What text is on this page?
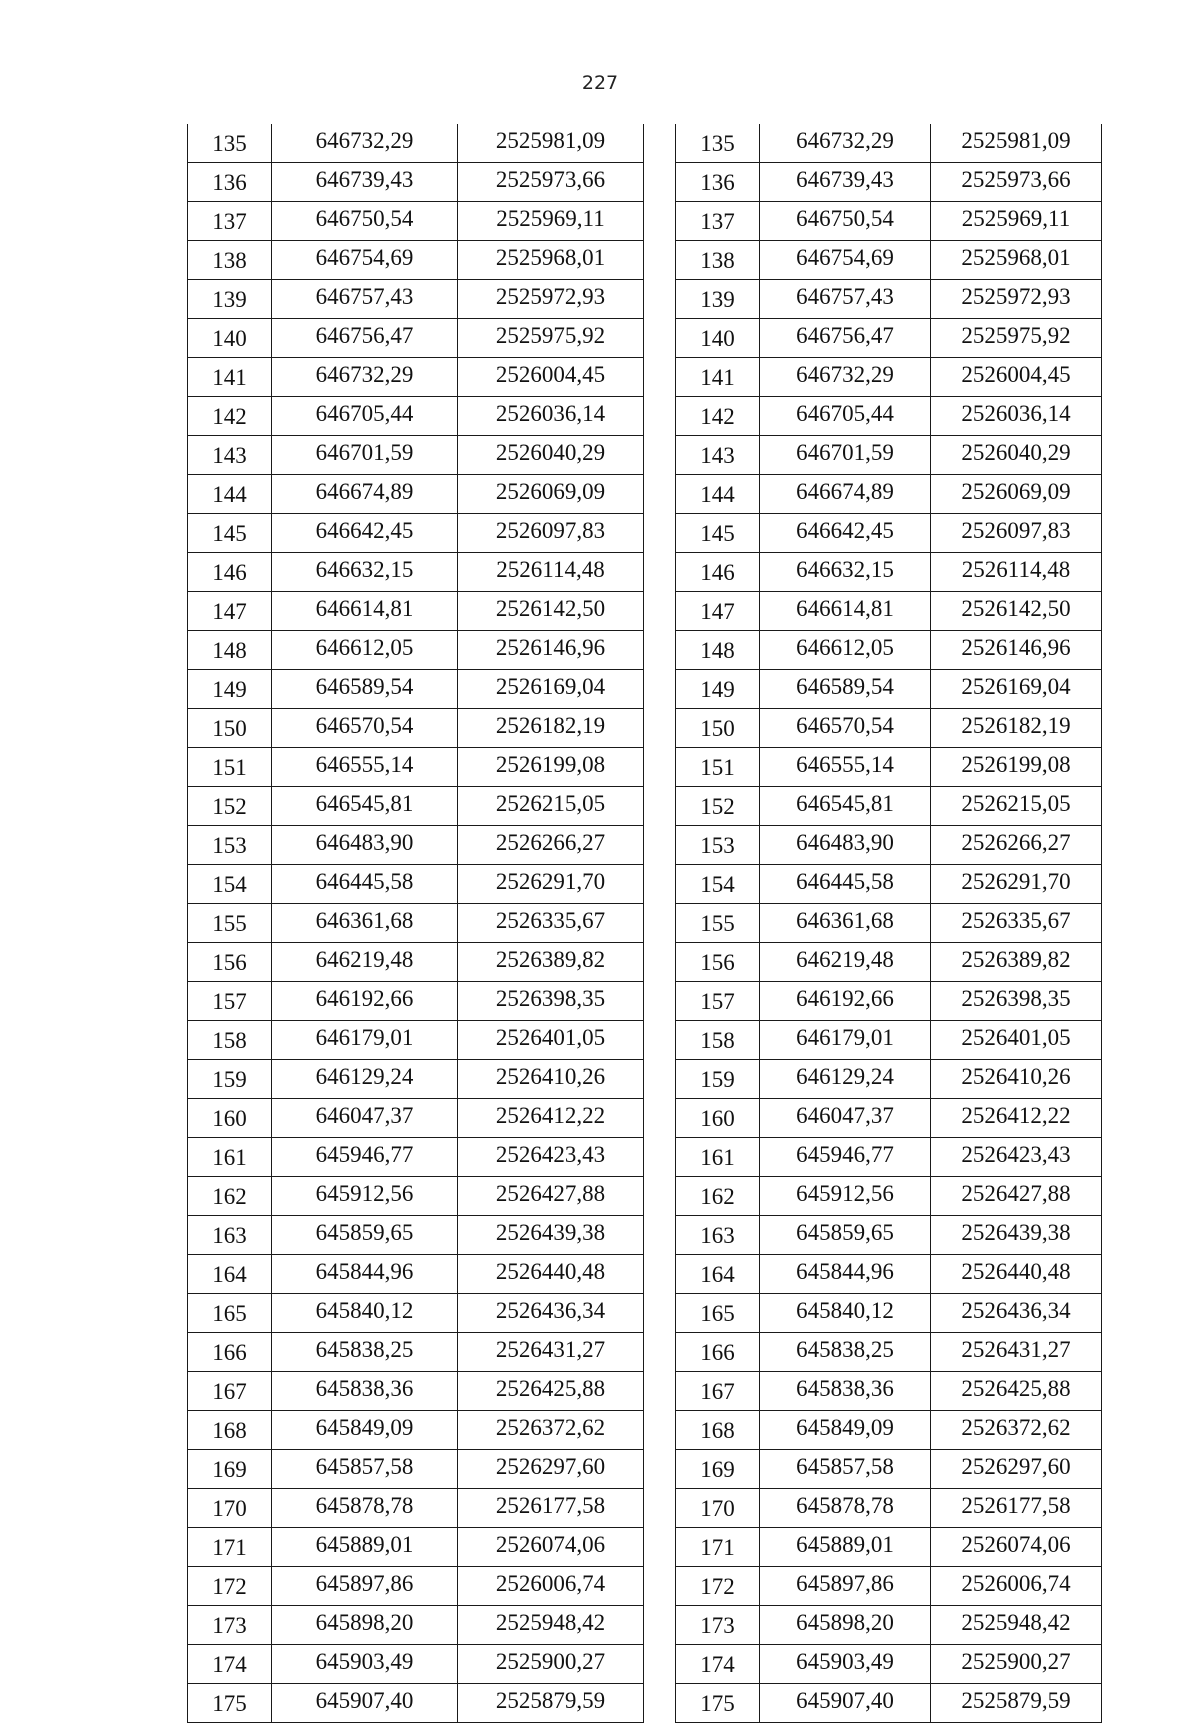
227
135	646732,29	2525981,09
136	646739,43	2525973,66
137	646750,54	2525969,11
138	646754,69	2525968,01
139	646757,43	2525972,93
140	646756,47	2525975,92
141	646732,29	2526004,45
142	646705,44	2526036,14
143	646701,59	2526040,29
144	646674,89	2526069,09
145	646642,45	2526097,83
146	646632,15	2526114,48
147	646614,81	2526142,50
148	646612,05	2526146,96
149	646589,54	2526169,04
150	646570,54	2526182,19
151	646555,14	2526199,08
152	646545,81	2526215,05
153	646483,90	2526266,27
154	646445,58	2526291,70
155	646361,68	2526335,67
156	646219,48	2526389,82
157	646192,66	2526398,35
158	646179,01	2526401,05
159	646129,24	2526410,26
160	646047,37	2526412,22
161	645946,77	2526423,43
162	645912,56	2526427,88
163	645859,65	2526439,38
164	645844,96	2526440,48
165	645840,12	2526436,34
166	645838,25	2526431,27
167	645838,36	2526425,88
168	645849,09	2526372,62
169	645857,58	2526297,60
170	645878,78	2526177,58
171	645889,01	2526074,06
172	645897,86	2526006,74
173	645898,20	2525948,42
174	645903,49	2525900,27
175	645907,40	2525879,59
135	646732,29	2525981,09
136	646739,43	2525973,66
137	646750,54	2525969,11
138	646754,69	2525968,01
139	646757,43	2525972,93
140	646756,47	2525975,92
141	646732,29	2526004,45
142	646705,44	2526036,14
143	646701,59	2526040,29
144	646674,89	2526069,09
145	646642,45	2526097,83
146	646632,15	2526114,48
147	646614,81	2526142,50
148	646612,05	2526146,96
149	646589,54	2526169,04
150	646570,54	2526182,19
151	646555,14	2526199,08
152	646545,81	2526215,05
153	646483,90	2526266,27
154	646445,58	2526291,70
155	646361,68	2526335,67
156	646219,48	2526389,82
157	646192,66	2526398,35
158	646179,01	2526401,05
159	646129,24	2526410,26
160	646047,37	2526412,22
161	645946,77	2526423,43
162	645912,56	2526427,88
163	645859,65	2526439,38
164	645844,96	2526440,48
165	645840,12	2526436,34
166	645838,25	2526431,27
167	645838,36	2526425,88
168	645849,09	2526372,62
169	645857,58	2526297,60
170	645878,78	2526177,58
171	645889,01	2526074,06
172	645897,86	2526006,74
173	645898,20	2525948,42
174	645903,49	2525900,27
175	645907,40	2525879,59
